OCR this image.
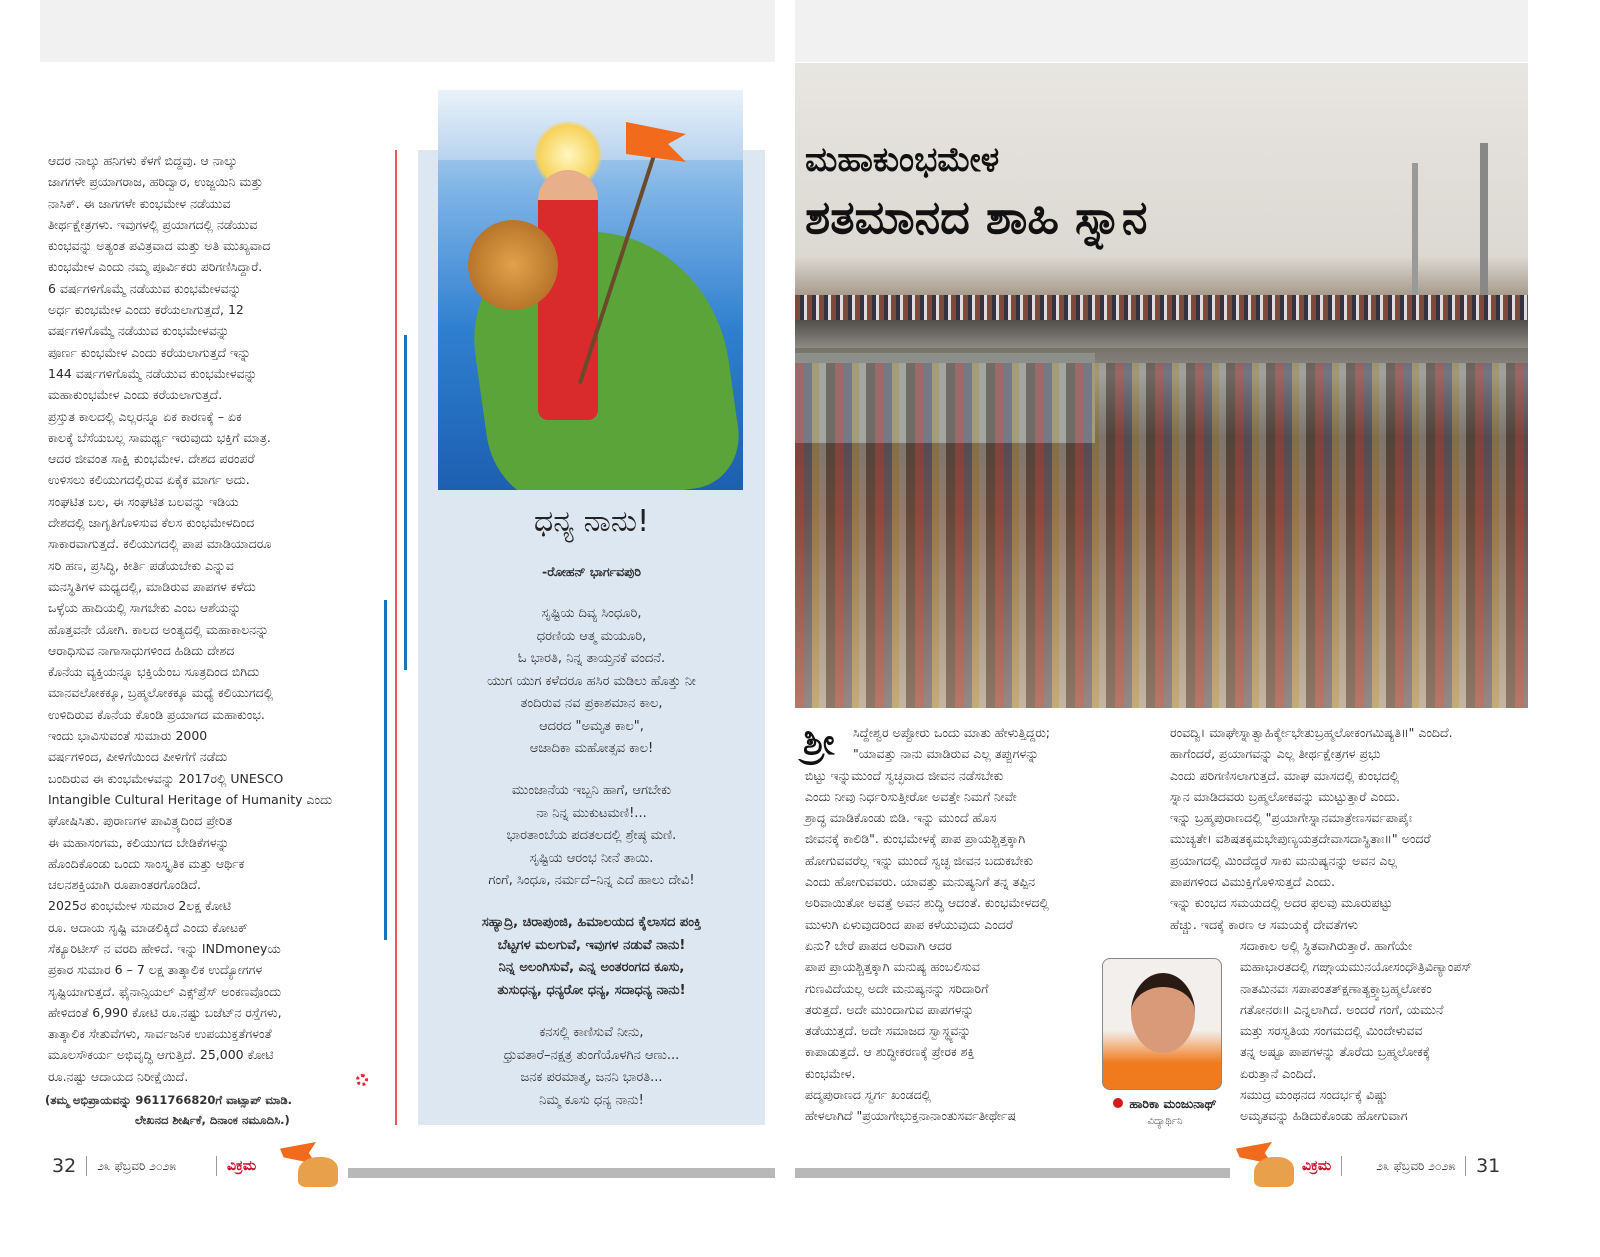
ಆದರ ನಾಲ್ಕು ಹನಿಗಳು ಕೆಳಗೆ ಬಿದ್ದವು. ಆ ನಾಲ್ಕು
ಜಾಗಗಳೇ ಪ್ರಯಾಗರಾಜ, ಹರಿದ್ವಾರ, ಉಜ್ಜಯಿನಿ ಮತ್ತು
ನಾಸಿಕ್. ಈ ಜಾಗಗಳೇ ಕುಂಭಮೇಳ ನಡೆಯುವ
ತೀರ್ಥಕ್ಷೇತ್ರಗಳು. ಇವುಗಳಲ್ಲಿ ಪ್ರಯಾಗದಲ್ಲಿ ನಡೆಯುವ
ಕುಂಭವನ್ನು ಅತ್ಯಂತ ಪವಿತ್ರವಾದ ಮತ್ತು ಅತಿ ಮುಖ್ಯವಾದ
ಕುಂಭಮೇಳ ಎಂದು ನಮ್ಮ ಪೂರ್ವಿಕರು ಪರಿಗಣಿಸಿದ್ದಾರೆ.
6 ವರ್ಷಗಳಿಗೊಮ್ಮೆ ನಡೆಯುವ ಕುಂಭಮೇಳವನ್ನು
ಅರ್ಧ ಕುಂಭಮೇಳ ಎಂದು ಕರೆಯಲಾಗುತ್ತದೆ, 12
ವರ್ಷಗಳಿಗೊಮ್ಮೆ ನಡೆಯುವ ಕುಂಭಮೇಳವನ್ನು
ಪೂರ್ಣ ಕುಂಭಮೇಳ ಎಂದು ಕರೆಯಲಾಗುತ್ತದೆ ಇನ್ನು
144 ವರ್ಷಗಳಿಗೊಮ್ಮೆ ನಡೆಯುವ ಕುಂಭಮೇಳವನ್ನು
ಮಹಾಕುಂಭಮೇಳ ಎಂದು ಕರೆಯಲಾಗುತ್ತದೆ.
ಪ್ರಸ್ತುತ ಕಾಲದಲ್ಲಿ ಎಲ್ಲರನ್ನೂ ಏಕ ಕಾರಣಕ್ಕೆ – ಏಕ
ಕಾಲಕ್ಕೆ ಬೆಸೆಯಬಲ್ಲ ಸಾಮರ್ಥ್ಯ ಇರುವುದು ಭಕ್ತಿಗೆ ಮಾತ್ರ.
ಆದರ ಜೀವಂತ ಸಾಕ್ಷಿ ಕುಂಭಮೇಳ. ದೇಶದ ಪರಂಪರೆ
ಉಳಿಸಲು ಕಲಿಯುಗದಲ್ಲಿರುವ ಏಕೈಕ ಮಾರ್ಗ ಅದು.
ಸಂಘಟಿತ ಬಲ, ಈ ಸಂಘಟಿತ ಬಲವನ್ನು ಇಡಿಯ
ದೇಶದಲ್ಲಿ ಜಾಗೃತಿಗೊಳಿಸುವ ಕೆಲಸ ಕುಂಭಮೇಳದಿಂದ
ಸಾಕಾರವಾಗುತ್ತದೆ. ಕಲಿಯುಗದಲ್ಲಿ ಪಾಪ ಮಾಡಿಯಾದರೂ
ಸರಿ ಹಣ, ಪ್ರಸಿದ್ಧಿ, ಕೀರ್ತಿ ಪಡೆಯಬೇಕು ಎನ್ನುವ
ಮನಸ್ಥಿತಿಗಳ ಮಧ್ಯದಲ್ಲಿ, ಮಾಡಿರುವ ಪಾಪಗಳ ಕಳೆದು
ಒಳ್ಳೆಯ ಹಾದಿಯಲ್ಲಿ ಸಾಗಬೇಕು ಎಂಬ ಆಶೆಯನ್ನು
ಹೊತ್ತವನೇ ಯೋಗಿ. ಕಾಲದ ಅಂತ್ಯದಲ್ಲಿ ಮಹಾಕಾಲನನ್ನು
ಆರಾಧಿಸುವ ನಾಗಾಸಾಧುಗಳಿಂದ ಹಿಡಿದು ದೇಶದ
ಕೊನೆಯ ವ್ಯಕ್ತಿಯನ್ನೂ ಭಕ್ತಿಯೆಂಬ ಸೂತ್ರದಿಂದ ಬಿಗಿದು
ಮಾನವಲೋಕಕ್ಕೂ, ಬ್ರಹ್ಮಲೋಕಕ್ಕೂ ಮಧ್ಯೆ ಕಲಿಯುಗದಲ್ಲಿ
ಉಳಿದಿರುವ ಕೊನೆಯ ಕೊಂಡಿ ಪ್ರಯಾಗದ ಮಹಾಕುಂಭ.
ಇಂದು ಭಾವಿಸುವಂತೆ ಸುಮಾರು 2000
ವರ್ಷಗಳಿಂದ, ಪೀಳಿಗೆಯಿಂದ ಪೀಳಿಗೆಗೆ ನಡೆದು
ಬಂದಿರುವ ಈ ಕುಂಭಮೇಳವನ್ನು 2017ರಲ್ಲಿ UNESCO
Intangible Cultural Heritage of Humanity ಎಂದು
ಘೋಷಿಸಿತು. ಪುರಾಣಗಳ ಪಾವಿತ್ರ್ಯದಿಂದ ಪ್ರೇರಿತ
ಈ ಮಹಾಸಂಗಮ, ಕಲಿಯುಗದ ಬೇಡಿಕೆಗಳನ್ನು
ಹೊಂದಿಕೊಂಡು ಒಂದು ಸಾಂಸ್ಕೃತಿಕ ಮತ್ತು ಆರ್ಥಿಕ
ಚಲನಶಕ್ತಿಯಾಗಿ ರೂಪಾಂತರಗೊಂಡಿದೆ.
2025ರ ಕುಂಭಮೇಳ ಸುಮಾರ 2ಲಕ್ಷ ಕೋಟಿ
ರೂ. ಆದಾಯ ಸೃಷ್ಟಿ ಮಾಡಲಿಕ್ಕಿದೆ ಎಂದು ಕೋಟಕ್
ಸೆಕ್ಯೂರಿಟೀಸ್ ನ ವರದಿ ಹೇಳಿದೆ. ಇನ್ನು INDmoneyಯ
ಪ್ರಕಾರ ಸುಮಾರ 6 – 7 ಲಕ್ಷ ತಾತ್ಕಾಲಿಕ ಉದ್ಯೋಗಗಳ
ಸೃಷ್ಟಿಯಾಗುತ್ತದೆ. ಫೈನಾನ್ಸಿಯಲ್ ಎಕ್ಸ್‌ಪ್ರೆಸ್ ಅಂಕಣವೊಂದು
ಹೇಳಿದಂತೆ 6,990 ಕೋಟಿ ರೂ.ನಷ್ಟು ಬಜೆಟ್‌ನ ರಸ್ತೆಗಳು,
ತಾತ್ಕಾಲಿಕ ಸೇತುವೆಗಳು, ಸಾರ್ವಜನಿಕ ಉಪಯುಕ್ತತೆಗಳಂತೆ
ಮೂಲಸೌಕರ್ಯ ಅಭಿವೃದ್ಧಿ ಆಗುತ್ತಿದೆ. 25,000 ಕೋಟಿ
ರೂ.ನಷ್ಟು ಆದಾಯದ ನಿರೀಕ್ಷೆಯಿದೆ.
(ತಮ್ಮ ಅಭಿಪ್ರಾಯವನ್ನು 9611766820ಗೆ ವಾಟ್ಸಾಪ್ ಮಾಡಿ.
ಲೇಖನದ ಶೀರ್ಷಿಕೆ, ದಿನಾಂಕ ನಮೂದಿಸಿ.)
ಧನ್ಯ ನಾನು!
-ರೋಹನ್ ಭಾರ್ಗವಪುರಿ
ಸೃಷ್ಟಿಯ ದಿವ್ಯ ಸಿಂಧೂರಿ,
ಧರಣಿಯ ಆತ್ಮ ಮಯೂರಿ,
ಓ ಭಾರತಿ, ನಿನ್ನ ತಾಯ್ತನಕೆ ವಂದನೆ.
ಯುಗ ಯುಗ ಕಳೆದರೂ ಹಸಿರ ಮಡಿಲು ಹೊತ್ತು ನೀ
ತಂದಿರುವ ನವ ಪ್ರಕಾಶಮಾನ ಕಾಲ,
ಆದರದ "ಅಮೃತ ಕಾಲ",
ಆಜಾದಿಕಾ ಮಹೋತ್ಸವ ಕಾಲ!
ಮುಂಜಾನೆಯ ಇಬ್ಬನಿ ಹಾಗೆ, ಆಗಬೇಕು
ನಾ ನಿನ್ನ ಮುಕುಟಮಣಿ!...
ಭಾರತಾಂಬೆಯ ಪದತಲದಲ್ಲಿ ಶ್ರೇಷ್ಠ ಮಣಿ.
ಸೃಷ್ಟಿಯ ಆರಂಭ ನೀನೆ ತಾಯಿ.
ಗಂಗೆ, ಸಿಂಧೂ, ನರ್ಮದೆ–ನಿನ್ನ ಎದೆ ಹಾಲು ದೇವಿ!
ಸಹ್ಯಾದ್ರಿ, ಚಿರಾಪುಂಜಿ, ಹಿಮಾಲಯದ ಕೈಲಾಸದ ಪಂಕ್ತಿ
ಬೆಟ್ಟಗಳ ಮಲಗುವೆ, ಇವುಗಳ ನಡುವೆ ನಾನು!
ನಿನ್ನ ಅಲಂಗಿಸುವೆ, ಎನ್ನ ಅಂತರಂಗದ ಕೂಸು,
ತುಸುಧನ್ಯ, ಧನ್ಯರೋ ಧನ್ಯ, ಸದಾಧನ್ಯ ನಾನು!
ಕನಸಲ್ಲಿ ಕಾಣಿಸುವೆ ನೀನು,
ಧ್ರುವತಾರೆ–ನಕ್ಷತ್ರ ತುಂಗೆಯೊಳಗಿನ ಆಣು...
ಜನಕ ಪರಮಾತ್ಮ, ಜನನಿ ಭಾರತಿ...
ನಿಮ್ಮ ಕೂಸು ಧನ್ಯ ನಾನು!
32 ೨೩ ಫೆಬ್ರವರಿ ೨೦೨೫	ವಿಕ್ರಮ
ಮಹಾಕುಂಭಮೇಳ
ಶತಮಾನದ ಶಾಹಿ ಸ್ನಾನ
ಶ್ರೀ	ಸಿದ್ದೇಶ್ವರ ಅಪ್ಪೋರು ಒಂದು ಮಾತು ಹೇಳುತ್ತಿದ್ದರು;
"ಯಾವತ್ತು ನಾನು ಮಾಡಿರುವ ಎಲ್ಲ ತಪ್ಪುಗಳನ್ನು
ಬಿಟ್ಟು ಇನ್ನುಮುಂದೆ ಸ್ವಚ್ಛವಾದ ಜೀವನ ನಡೆಸಬೇಕು
ಎಂದು ನೀವು ನಿರ್ಧರಿಸುತ್ತೀರೋ ಅವತ್ತೇ ನಿಮಗೆ ನೀವೇ
ಶ್ರಾದ್ಧ ಮಾಡಿಕೊಂಡು ಬಿಡಿ. ಇನ್ನು ಮುಂದೆ ಹೊಸ
ಜೀವನಕ್ಕೆ ಕಾಲಿಡಿ". ಕುಂಭಮೇಳಕ್ಕೆ ಪಾಪ ಪ್ರಾಯಶ್ಚಿತ್ತಕ್ಕಾಗಿ
ಹೋಗುವವರೆಲ್ಲ ಇನ್ನು ಮುಂದೆ ಸ್ವಚ್ಛ ಜೀವನ ಬದುಕಬೇಕು
ಎಂದು ಹೋಗುವವರು. ಯಾವತ್ತು ಮನುಷ್ಯನಿಗೆ ತನ್ನ ತಪ್ಪಿನ
ಅರಿವಾಯಿತೋ ಅವತ್ತೆ ಅವನ ಶುದ್ಧಿ ಆದಂತೆ. ಕುಂಭಮೇಳದಲ್ಲಿ
ಮುಳುಗಿ ಏಳುವುದರಿಂದ ಪಾಪ ಕಳೆಯುವುದು ಎಂದರೆ
ಏನು? ಬೇರೆ ಪಾಪದ ಅರಿವಾಗಿ ಆದರ
ಪಾಪ ಪ್ರಾಯಶ್ಚಿತ್ತಕ್ಕಾಗಿ ಮನುಷ್ಯ ಹಂಬಲಿಸುವ
ಗುಣವಿದೆಯಲ್ಲ ಅದೇ ಮನುಷ್ಯನನ್ನು ಸರಿದಾರಿಗೆ
ತರುತ್ತದೆ. ಅದೇ ಮುಂದಾಗುವ ಪಾಪಗಳನ್ನು
ತಡೆಯುತ್ತದೆ. ಅದೇ ಸಮಾಜದ ಸ್ವಾಸ್ಥ್ಯವನ್ನು
ಕಾಪಾಡುತ್ತದೆ. ಆ ಶುದ್ಧೀಕರಣಕ್ಕೆ ಪ್ರೇರಕ ಶಕ್ತಿ
ಕುಂಭಮೇಳ.
ಪದ್ಮಪುರಾಣದ ಸ್ವರ್ಗ ಖಂಡದಲ್ಲಿ
ಹೇಳಲಾಗಿದೆ "ಪ್ರಯಾಗೇಭುಕ್ತನಾನಾಂತುಸರ್ವತೀರ್ಥೇಷ
ರಂವದ್ವಿ। ಮಾಘೇಸ್ನಾತ್ವಾಹಿರ್ಕ್ಮೇಭೇತುಬ್ರಹ್ಮಲೋಕಂಗಮಿಷ್ಯತಿ॥" ಎಂದಿದೆ.
ಹಾಗೆಂದರೆ, ಪ್ರಯಾಗವನ್ನು ಎಲ್ಲ ತೀರ್ಥಕ್ಷೇತ್ರಗಳ ಪ್ರಭು
ಎಂದು ಪರಿಗಣಿಸಲಾಗುತ್ತದೆ. ಮಾಘ ಮಾಸದಲ್ಲಿ ಕುಂಭದಲ್ಲಿ
ಸ್ನಾನ ಮಾಡಿದವರು ಬ್ರಹ್ಮಲೋಕವನ್ನು ಮುಟ್ಟುತ್ತಾರೆ ಎಂದು.
ಇನ್ನು ಬ್ರಹ್ಮಪುರಾಣದಲ್ಲಿ "ಪ್ರಯಾಗೇಸ್ನಾನಮಾತ್ರೇಣಸರ್ವಪಾಪೈಃ
ಮುಚ್ಯತೇ। ವಶಿಷತಕೃಮಭೇಪುಣ್ಯಯತ್ರದೇವಾಸದಾಸ್ಥಿತಾಃ॥" ಅಂದರೆ
ಪ್ರಯಾಗದಲ್ಲಿ ಮಿಂದೆದ್ದರೆ ಸಾಕು ಮನುಷ್ಯನನ್ನು ಅವನ ಎಲ್ಲ
ಪಾಪಗಳಿಂದ ವಿಮುಕ್ತಿಗೊಳಿಸುತ್ತದೆ ಎಂದು.
ಇನ್ನು ಕುಂಭದ ಸಮಯದಲ್ಲಿ ಅದರ ಫಲವು ಮೂರುಪಟ್ಟು
ಹೆಚ್ಚು. ಇದಕ್ಕೆ ಕಾರಣ ಆ ಸಮಯಕ್ಕೆ ದೇವತೆಗಳು
ಸದಾಕಾಲ ಅಲ್ಲಿ ಸ್ಥಿತವಾಗಿರುತ್ತಾರೆ. ಹಾಗೆಯೇ
ಮಹಾಭಾರತದಲ್ಲಿ ಗಙ್ಗಾಯಮುನಯೋಸಂಧೌತ್ರಿವಿಣ್ಯಾಂಪಸ್
ನಾತಮಿನವಃ ಸಪಾಪಂತತ್ಕ್ಷಣಾತ್ಯಕ್ತ್ವಾಬ್ರಹ್ಮಲೋಕಂ
ಗತೋನರಃ॥ ಎನ್ನಲಾಗಿದೆ. ಅಂದರೆ ಗಂಗೆ, ಯಮುನೆ
ಮತ್ತು ಸರಸ್ವತಿಯ ಸಂಗಮದಲ್ಲಿ ಮಿಂದೇಳುವವ
ತನ್ನ ಅಷ್ಟೂ ಪಾಪಗಳನ್ನು ತೊರೆದು ಬ್ರಹ್ಮಲೋಕಕ್ಕೆ
ಏರುತ್ತಾನೆ ಎಂದಿದೆ.
ಸಮುದ್ರ ಮಂಥನದ ಸಂದರ್ಭಕ್ಕೆ ವಿಷ್ಣು
ಅಮೃತವನ್ನು ಹಿಡಿದುಕೊಂಡು ಹೋಗುವಾಗ
ಹಾರಿಕಾ ಮಂಜುನಾಥ್
ವಿದ್ಯಾರ್ಥಿನಿ
ವಿಕ್ರಮ	೨೩ ಫೆಬ್ರವರಿ ೨೦೨೫ 31
